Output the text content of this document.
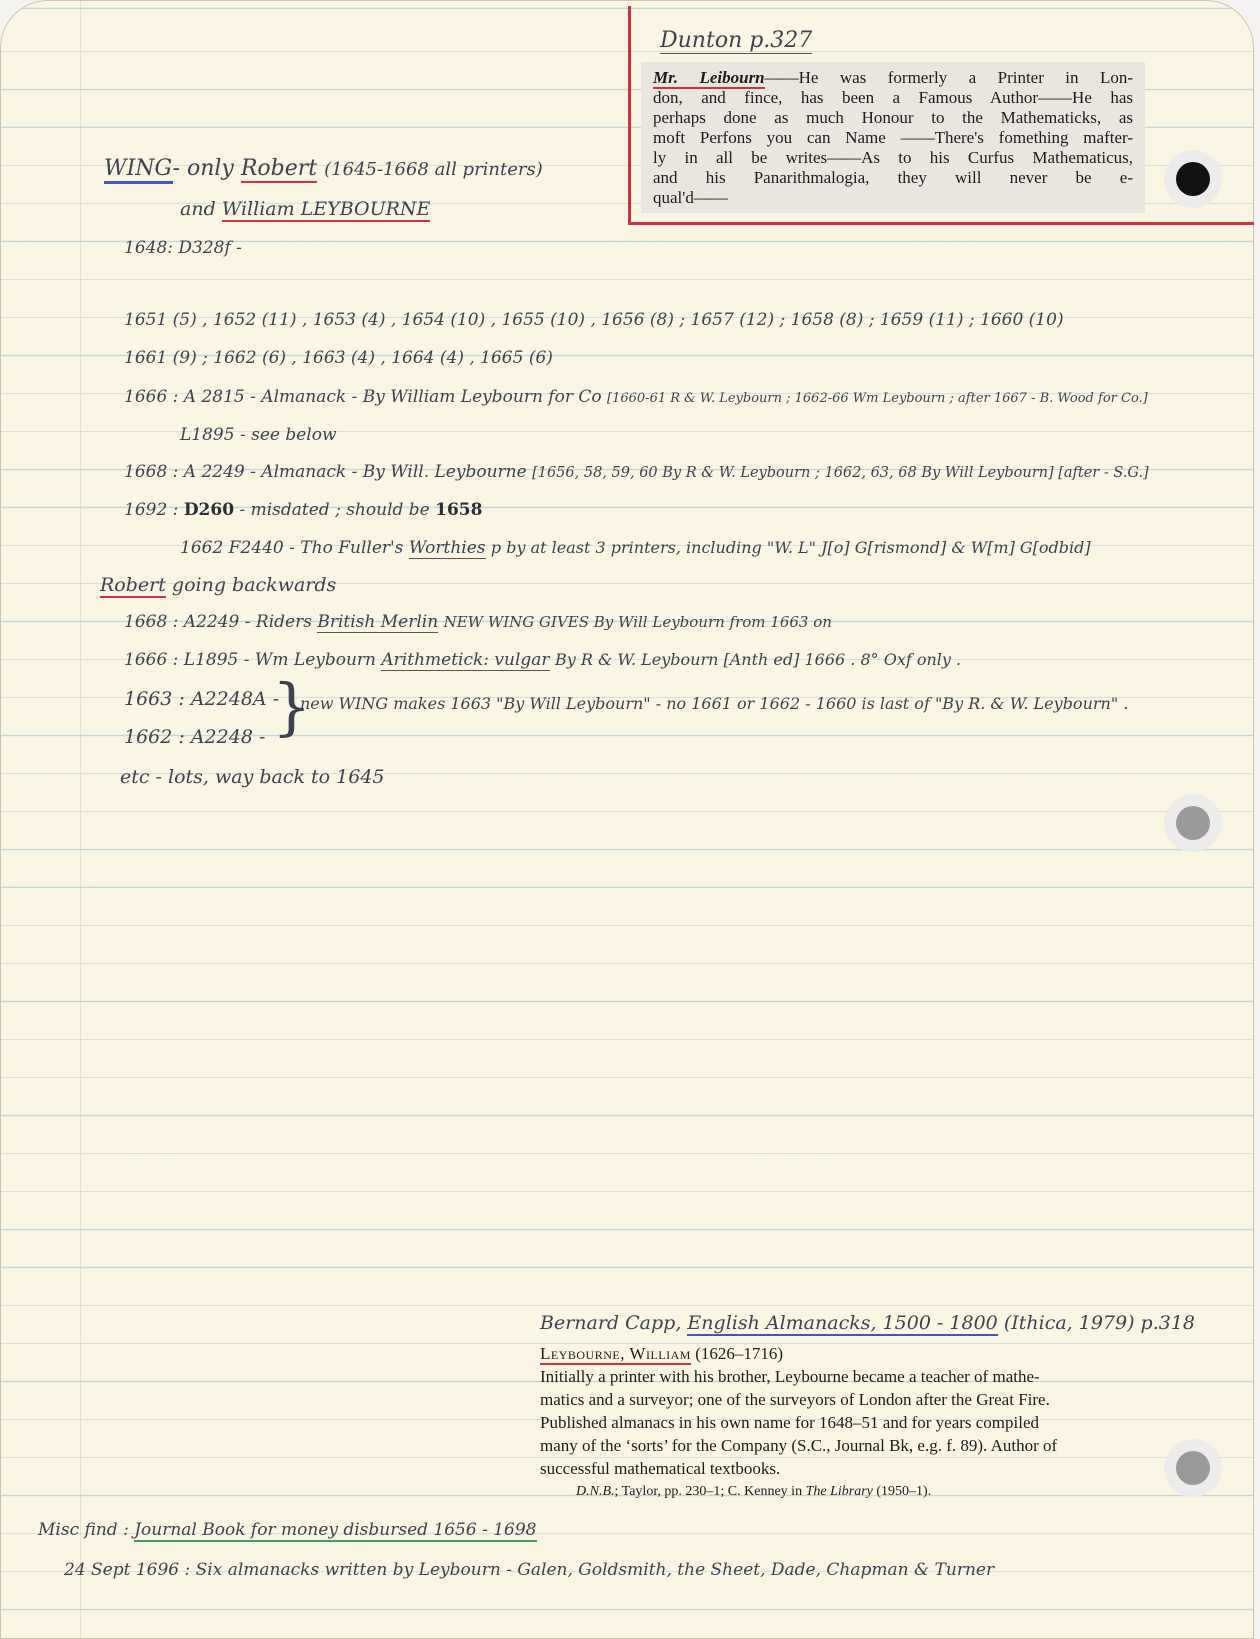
Dunton p.327
Mr. Leibourn——He was formerly a Printer in Lon-
don, and fince, has been a Famous Author——He has
perhaps done as much Honour to the Mathematicks, as
moft Perfons you can Name ——There's fomething mafter-
ly in all be writes——As to his Curfus Mathematicus,
and his Panarithmalogia, they will never be e-
qual'd——
WING- only Robert (1645-1668 all printers)
and William LEYBOURNE
1648: D328f -
1651 (5) , 1652 (11) , 1653 (4) , 1654 (10) , 1655 (10) , 1656 (8) ; 1657 (12) ; 1658 (8) ; 1659 (11) ; 1660 (10)
1661 (9) ; 1662 (6) , 1663 (4) , 1664 (4) , 1665 (6)
1666 : A 2815 - Almanack - By William Leybourn for Co [1660-61 R & W. Leybourn ; 1662-66 Wm Leybourn ; after 1667 - B. Wood for Co.]
L1895 - see below
1668 : A 2249 - Almanack - By Will. Leybourne [1656, 58, 59, 60 By R & W. Leybourn ; 1662, 63, 68 By Will Leybourn] [after - S.G.]
1692 : D260 - misdated ; should be 1658
1662 F2440 - Tho Fuller's Worthies p by at least 3 printers, including "W. L" J[o] G[rismond] & W[m] G[odbid]
Robert going backwards
1668 : A2249 - Riders British Merlin NEW WING GIVES By Will Leybourn from 1663 on
1666 : L1895 - Wm Leybourn Arithmetick: vulgar By R & W. Leybourn [Anth ed] 1666 . 8° Oxf only .
1663 : A2248A -
1662 : A2248 - }
new WING makes 1663 "By Will Leybourn" - no 1661 or 1662 - 1660 is last of "By R. & W. Leybourn" .
etc - lots, way back to 1645
Bernard Capp, English Almanacks, 1500 - 1800 (Ithica, 1979) p.318
Leybourne, William (1626–1716)
Initially a printer with his brother, Leybourne became a teacher of mathe-
matics and a surveyor; one of the surveyors of London after the Great Fire.
Published almanacs in his own name for 1648–51 and for years compiled
many of the ‘sorts’ for the Company (S.C., Journal Bk, e.g. f. 89). Author of
successful mathematical textbooks.
D.N.B.; Taylor, pp. 230–1; C. Kenney in The Library (1950–1).
Misc find : Journal Book for money disbursed 1656 - 1698
24 Sept 1696 : Six almanacks written by Leybourn - Galen, Goldsmith, the Sheet, Dade, Chapman & Turner
